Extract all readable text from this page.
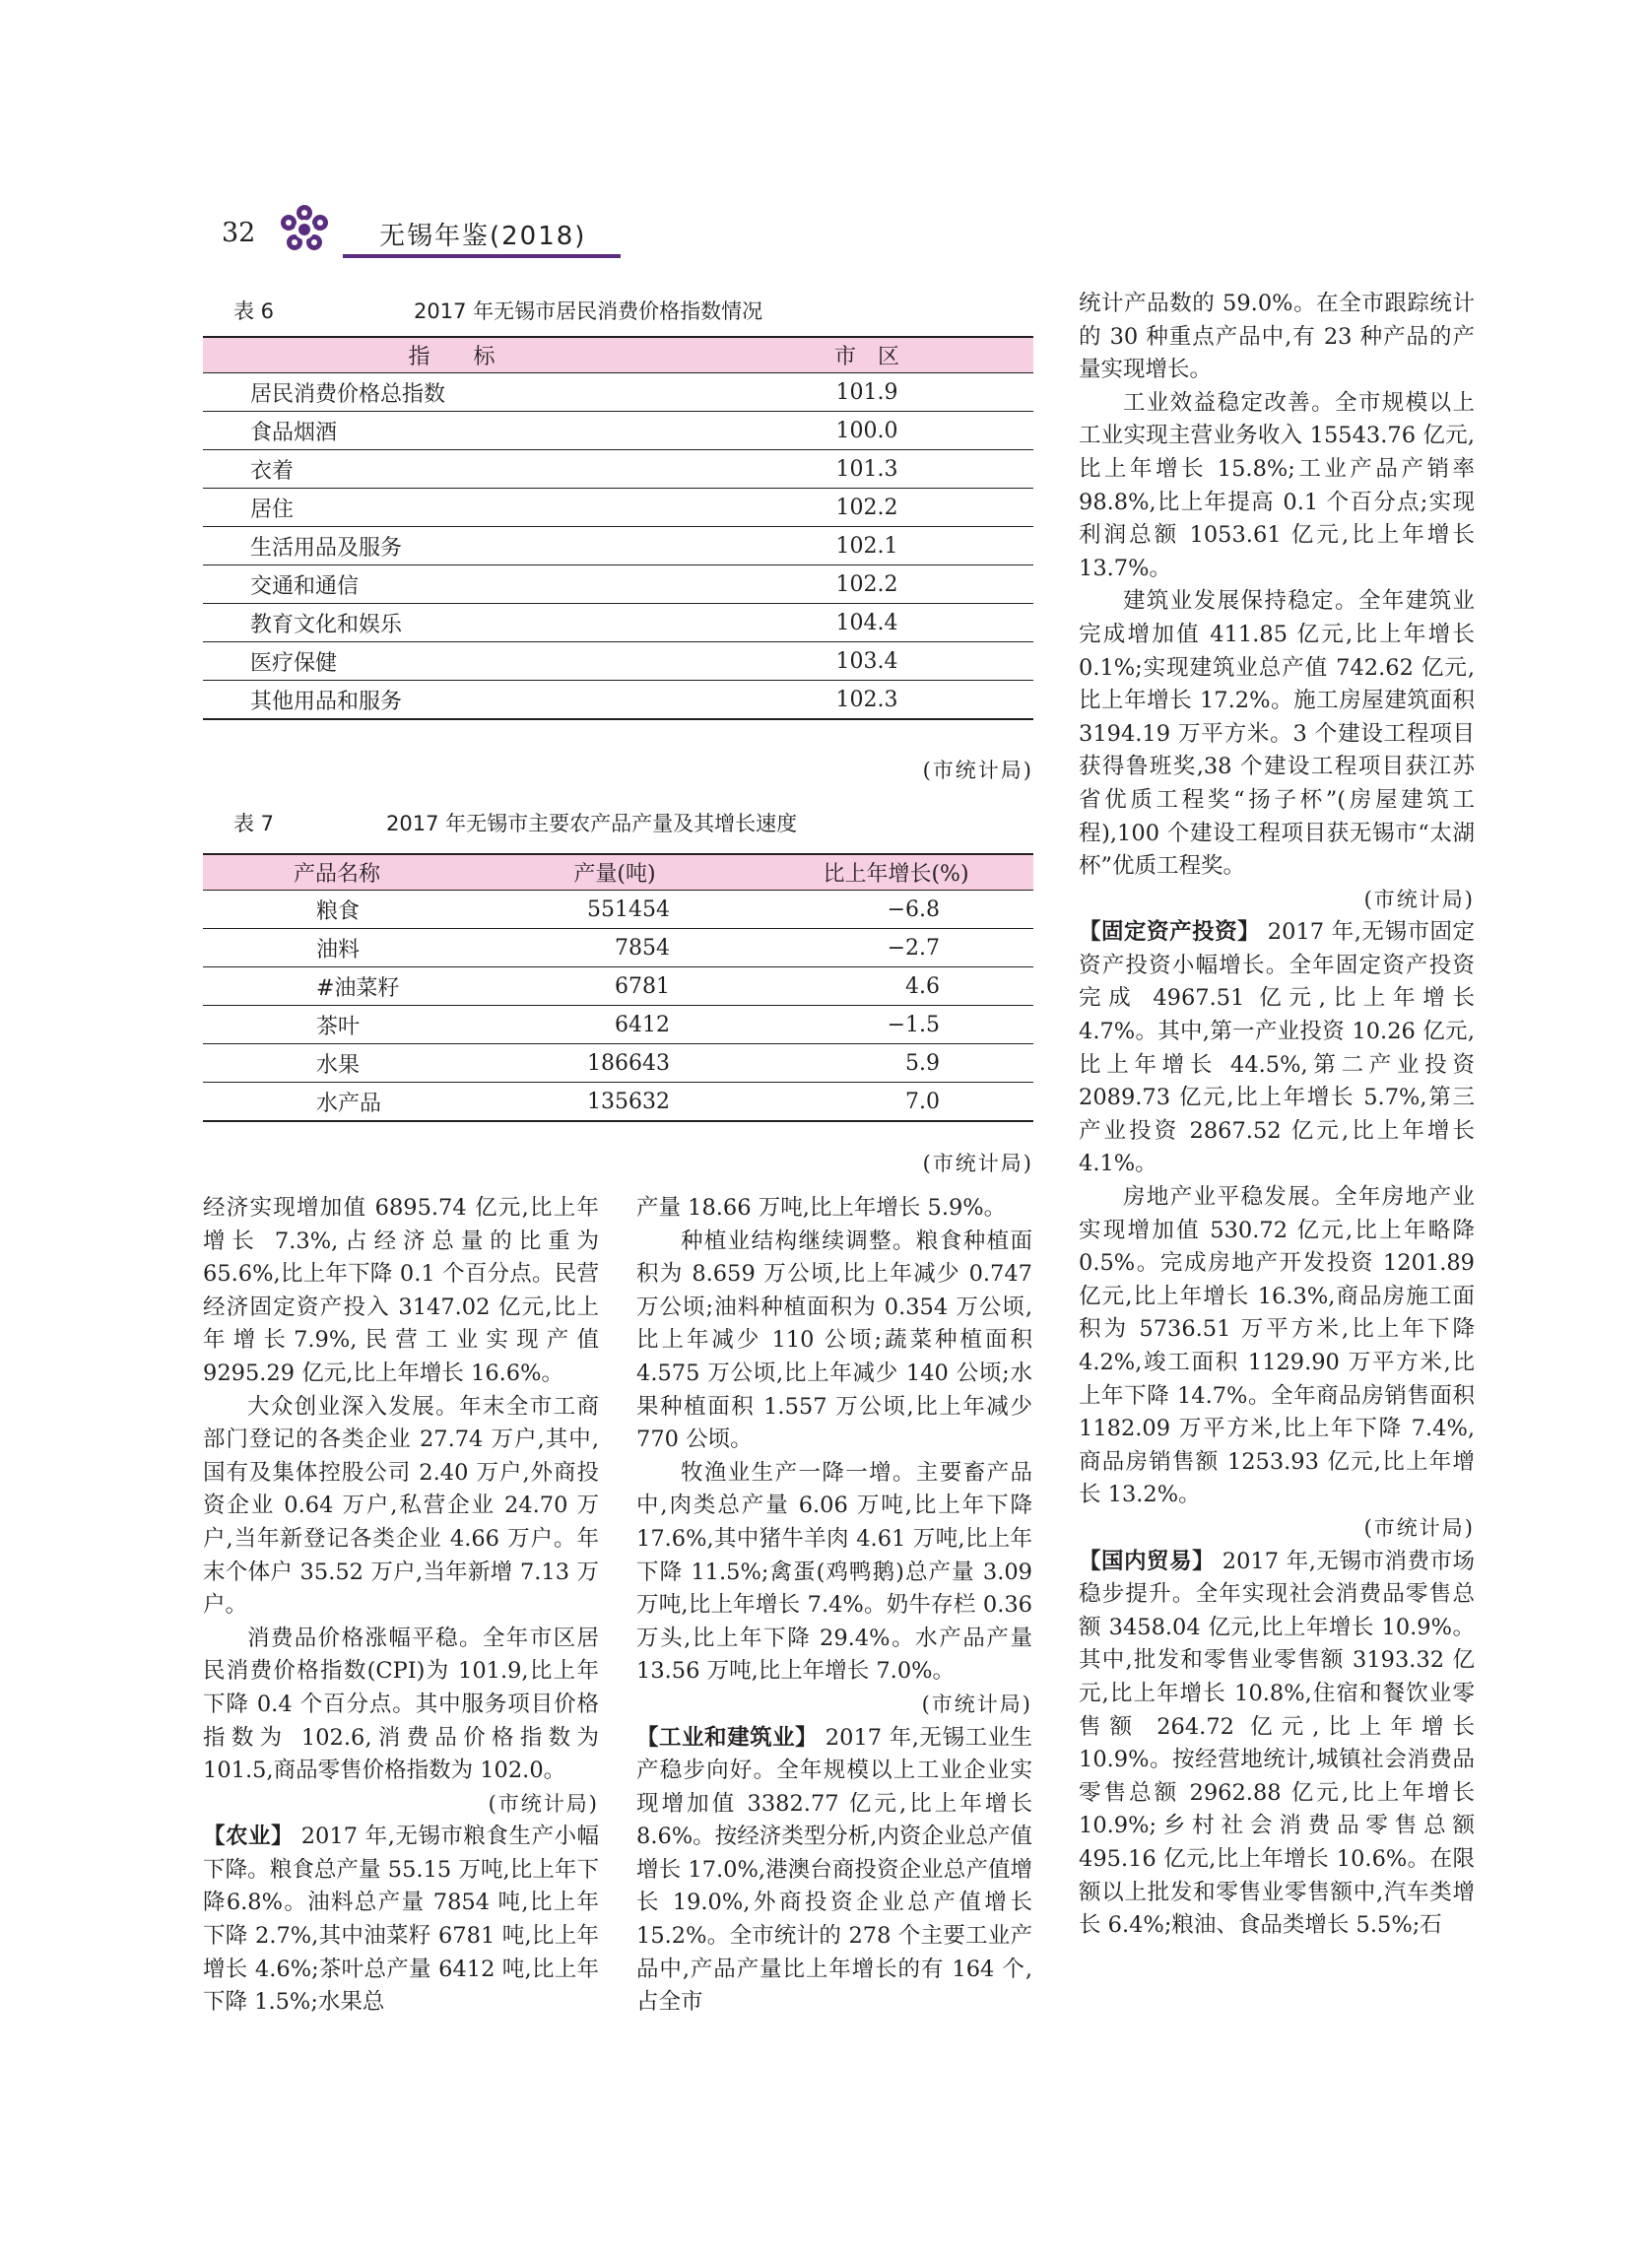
32	无锡年鉴(2018)
表 6	2017 年无锡市居民消费价格指数情况
指　　标	市　区
居民消费价格总指数	101.9
食品烟酒	100.0
衣着	101.3
居住	102.2
生活用品及服务	102.1
交通和通信	102.2
教育文化和娱乐	104.4
医疗保健	103.4
其他用品和服务	102.3
(市统计局)
表 7	2017 年无锡市主要农产品产量及其增长速度
产品名称	产量(吨)	比上年增长(%)
粮食	551454	−6.8
油料	7854	−2.7
#油菜籽	6781	4.6
茶叶	6412	−1.5
水果	186643	5.9
水产品	135632	7.0
(市统计局)

经济实现增加值 6895.74 亿元,比上年增长 7.3%,占经济总量的比重为 65.6%,比上年下降 0.1 个百分点。民营经济固定资产投入 3147.02 亿元,比上年增长7.9%,民营工业实现产值 9295.29 亿元,比上年增长 16.6%。

大众创业深入发展。年末全市工商部门登记的各类企业 27.74 万户,其中,国有及集体控股公司 2.40 万户,外商投资企业 0.64 万户,私营企业 24.70 万户,当年新登记各类企业 4.66 万户。年末个体户 35.52 万户,当年新增 7.13 万户。

消费品价格涨幅平稳。全年市区居民消费价格指数(CPI)为 101.9,比上年下降 0.4 个百分点。其中服务项目价格指数为 102.6,消费品价格指数为 101.5,商品零售价格指数为 102.0。

(市统计局)

【农业】 2017 年,无锡市粮食生产小幅下降。粮食总产量 55.15 万吨,比上年下降6.8%。油料总产量 7854 吨,比上年下降 2.7%,其中油菜籽 6781 吨,比上年增长 4.6%;茶叶总产量 6412 吨,比上年下降 1.5%;水果总

产量 18.66 万吨,比上年增长 5.9%。

种植业结构继续调整。粮食种植面积为 8.659 万公顷,比上年减少 0.747 万公顷;油料种植面积为 0.354 万公顷,比上年减少 110 公顷;蔬菜种植面积 4.575 万公顷,比上年减少 140 公顷;水果种植面积 1.557 万公顷,比上年减少 770 公顷。

牧渔业生产一降一增。主要畜产品中,肉类总产量 6.06 万吨,比上年下降 17.6%,其中猪牛羊肉 4.61 万吨,比上年下降 11.5%;禽蛋(鸡鸭鹅)总产量 3.09 万吨,比上年增长 7.4%。奶牛存栏 0.36 万头,比上年下降 29.4%。水产品产量 13.56 万吨,比上年增长 7.0%。

(市统计局)

【工业和建筑业】 2017 年,无锡工业生产稳步向好。全年规模以上工业企业实现增加值 3382.77 亿元,比上年增长 8.6%。按经济类型分析,内资企业总产值增长 17.0%,港澳台商投资企业总产值增长 19.0%,外商投资企业总产值增长 15.2%。全市统计的 278 个主要工业产品中,产品产量比上年增长的有 164 个,占全市

统计产品数的 59.0%。在全市跟踪统计的 30 种重点产品中,有 23 种产品的产量实现增长。

工业效益稳定改善。全市规模以上工业实现主营业务收入 15543.76 亿元,比上年增长 15.8%;工业产品产销率 98.8%,比上年提高 0.1 个百分点;实现利润总额 1053.61 亿元,比上年增长 13.7%。

建筑业发展保持稳定。全年建筑业完成增加值 411.85 亿元,比上年增长 0.1%;实现建筑业总产值 742.62 亿元,比上年增长 17.2%。施工房屋建筑面积 3194.19 万平方米。3 个建设工程项目获得鲁班奖,38 个建设工程项目获江苏省优质工程奖“扬子杯”(房屋建筑工程),100 个建设工程项目获无锡市“太湖杯”优质工程奖。

(市统计局)

【固定资产投资】 2017 年,无锡市固定资产投资小幅增长。全年固定资产投资完成 4967.51 亿元,比上年增长 4.7%。其中,第一产业投资 10.26 亿元,比上年增长 44.5%,第二产业投资 2089.73 亿元,比上年增长 5.7%,第三产业投资 2867.52 亿元,比上年增长 4.1%。

房地产业平稳发展。全年房地产业实现增加值 530.72 亿元,比上年略降 0.5%。完成房地产开发投资 1201.89 亿元,比上年增长 16.3%,商品房施工面积为 5736.51 万平方米,比上年下降 4.2%,竣工面积 1129.90 万平方米,比上年下降 14.7%。全年商品房销售面积 1182.09 万平方米,比上年下降 7.4%,商品房销售额 1253.93 亿元,比上年增长 13.2%。

(市统计局)

【国内贸易】 2017 年,无锡市消费市场稳步提升。全年实现社会消费品零售总额 3458.04 亿元,比上年增长 10.9%。其中,批发和零售业零售额 3193.32 亿元,比上年增长 10.8%,住宿和餐饮业零售额 264.72 亿元,比上年增长 10.9%。按经营地统计,城镇社会消费品零售总额 2962.88 亿元,比上年增长 10.9%;乡村社会消费品零售总额 495.16 亿元,比上年增长 10.6%。在限额以上批发和零售业零售额中,汽车类增长 6.4%;粮油、食品类增长 5.5%;石
